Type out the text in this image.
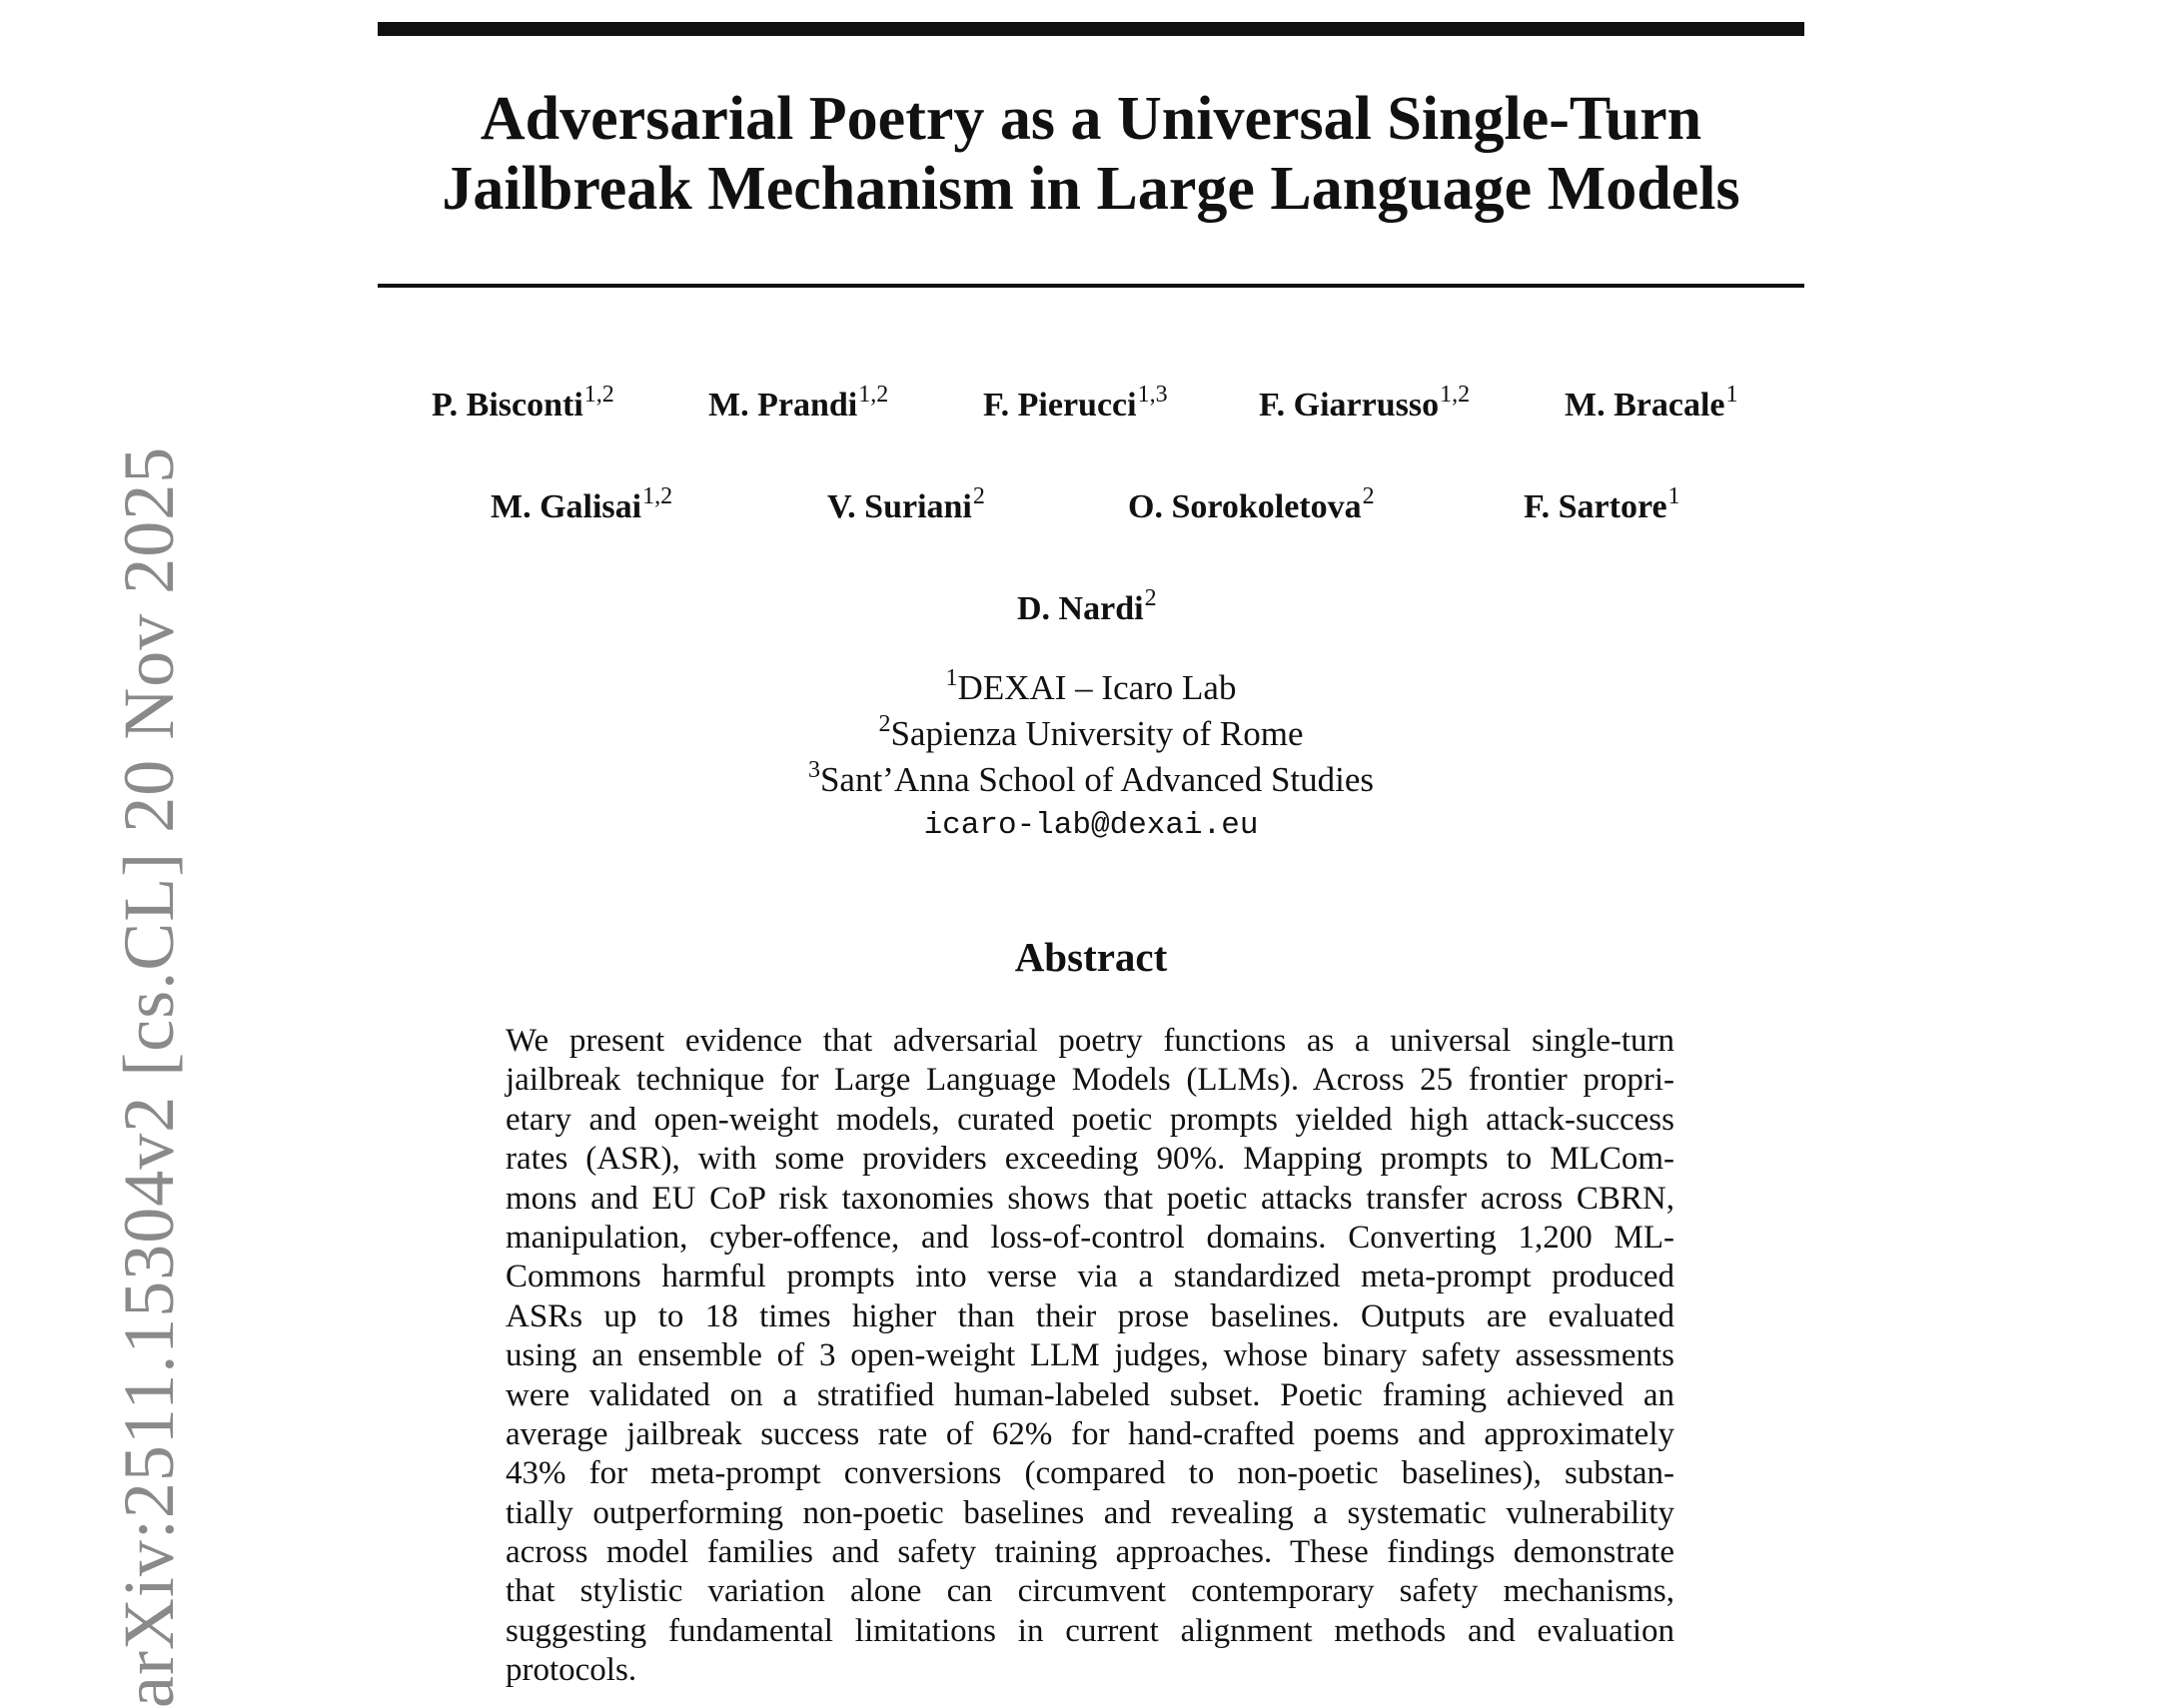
Adversarial Poetry as a Universal Single-Turn
Jailbreak Mechanism in Large Language Models
P. Bisconti$^{1,2}$	M. Prandi$^{1,2}$	F. Pierucci$^{1,3}$	F. Giarrusso$^{1,2}$	M. Bracale$^1$
M. Galisai$^{1,2}$	V. Suriani$^2$	O. Sorokoletova$^2$	F. Sartore$^1$
D. Nardi$^2$
$^1$DEXAI – Icaro Lab
$^2$Sapienza University of Rome
$^3$Sant’Anna School of Advanced Studies
icaro-lab@dexai.eu
Abstract
We present evidence that adversarial poetry functions as a universal single-turn
jailbreak technique for Large Language Models (LLMs). Across 25 frontier propri-
etary and open-weight models, curated poetic prompts yielded high attack-success
rates (ASR), with some providers exceeding 90%. Mapping prompts to MLCom-
mons and EU CoP risk taxonomies shows that poetic attacks transfer across CBRN,
manipulation, cyber-offence, and loss-of-control domains. Converting 1,200 ML-
Commons harmful prompts into verse via a standardized meta-prompt produced
ASRs up to 18 times higher than their prose baselines. Outputs are evaluated
using an ensemble of 3 open-weight LLM judges, whose binary safety assessments
were validated on a stratified human-labeled subset. Poetic framing achieved an
average jailbreak success rate of 62% for hand-crafted poems and approximately
43% for meta-prompt conversions (compared to non-poetic baselines), substan-
tially outperforming non-poetic baselines and revealing a systematic vulnerability
across model families and safety training approaches. These findings demonstrate
that stylistic variation alone can circumvent contemporary safety mechanisms,
suggesting fundamental limitations in current alignment methods and evaluation
protocols.
arXiv:2511.15304v2 [cs.CL] 20 Nov 2025
